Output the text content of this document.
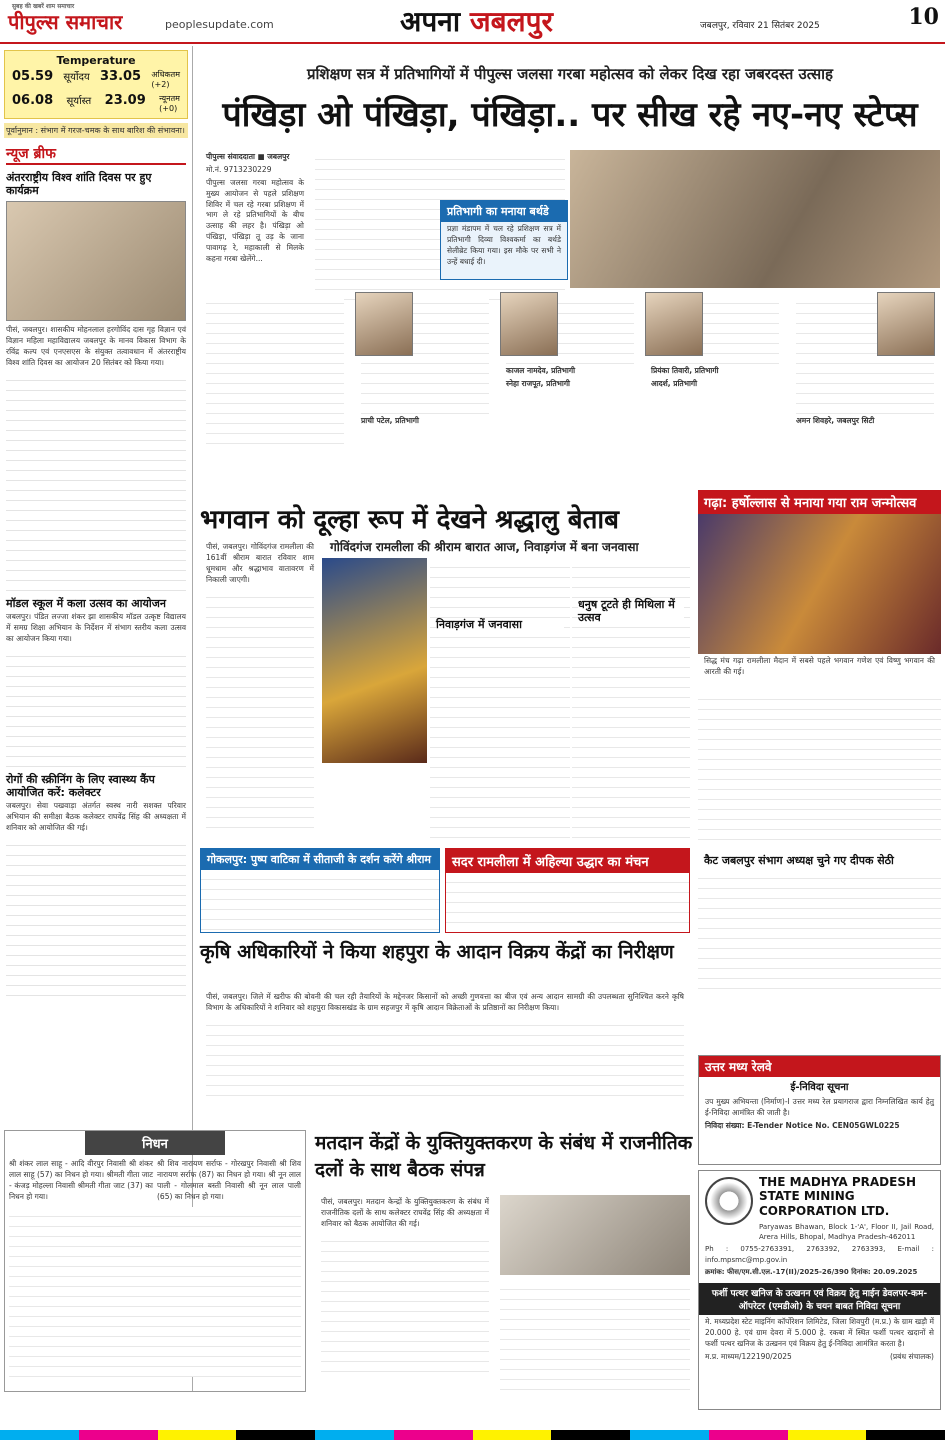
सुबह की खबरें शाम समाचार
पीपुल्स समाचार	peoplesupdate.com	अपना जबलपुर	जबलपुर, रविवार 21 सितंबर 2025	10
Temperature
05.59 सूर्योदय 33.05 अधिकतम
(+2)
06.08 सूर्यास्त 23.09 न्यूनतम
(+0)
पूर्वानुमान : संभाग में गरज-चमक के साथ बारिश की संभावना।
न्यूज ब्रीफ
अंतरराष्ट्रीय विश्व शांति दिवस पर हुए कार्यक्रम
पीसं, जबलपुर। शासकीय मोहनलाल हरगोविंद दास गृह विज्ञान एवं विज्ञान महिला महाविद्यालय जबलपुर के मानव विकास विभाग के रविंद्र कल्प एवं एनएसएस के संयुक्त तत्वावधान में अंतरराष्ट्रीय विश्व शांति दिवस का आयोजन 20 सितंबर को किया गया।
मॉडल स्कूल में कला उत्सव का आयोजन
जबलपुर। पंडित लज्जा शंकर झा शासकीय मॉडल उत्कृष्ट विद्यालय में समग्र शिक्षा अभियान के निर्देशन में संभाग स्तरीय कला उत्सव का आयोजन किया गया।
रोगों की स्क्रीनिंग के लिए स्वास्थ्य कैंप आयोजित करें: कलेक्टर
जबलपुर। सेवा पखवाड़ा अंतर्गत स्वस्थ नारी सशक्त परिवार अभियान की समीक्षा बैठक कलेक्टर राघवेंद्र सिंह की अध्यक्षता में शनिवार को आयोजित की गई।
प्रशिक्षण सत्र में प्रतिभागियों में पीपुल्स जलसा गरबा महोत्सव को लेकर दिख रहा जबरदस्त उत्साह
पंखिड़ा ओ पंखिड़ा, पंखिड़ा.. पर सीख रहे नए-नए स्टेप्स
पीपुल्स संवाददाता ■ जबलपुर
मो.नं. 9713230229
पीपुल्स जलसा गरबा महोत्सव के मुख्य आयोजन से पहले प्रशिक्षण शिविर में चल रहे गरबा प्रशिक्षण में भाग ले रहे प्रतिभागियों के बीच उत्साह की लहर है। पंखिड़ा ओ पंखिड़ा, पंखिड़ा तू उड़ के जाना पावागढ़ रे, महाकाली से मिलके कहना गरबा खेलेंगे...
प्रतिभागी का मनाया बर्थडे
प्रज्ञा मंडापम में चल रहे प्रशिक्षण सत्र में प्रतिभागी दिव्या विश्वकर्मा का बर्थडे सेलीब्रेट किया गया। इस मौके पर सभी ने उन्हें बधाई दी।
प्राची पटेल, प्रतिभागी
काजल नामदेव, प्रतिभागी
स्नेहा राजपूत, प्रतिभागी
प्रियंका तिवारी, प्रतिभागी
आदर्श, प्रतिभागी
अमन शिवहरे, जबलपुर सिटी
भगवान को दूल्हा रूप में देखने श्रद्धालु बेताब
गोविंदगंज रामलीला की श्रीराम बारात आज, निवाड़गंज में बना जनवासा
पीसं, जबलपुर। गोविंदगंज रामलीला की 161वीं श्रीराम बारात रविवार शाम धूमधाम और श्रद्धाभाव वातावरण में निकाली जाएगी।
निवाड़गंज में जनवासा
धनुष टूटते ही मिथिला में उत्सव
गढ़ा: हर्षोल्लास से मनाया गया राम जन्मोत्सव
सिद्ध मंच गढ़ा रामलीला मैदान में सबसे पहले भगवान गणेश एवं विष्णु भगवान की आरती की गई।
गोकलपुर: पुष्प वाटिका में सीताजी के दर्शन करेंगे श्रीराम	सदर रामलीला में अहिल्या उद्धार का मंचन	कैट जबलपुर संभाग अध्यक्ष चुने गए दीपक सेठी
कृषि अधिकारियों ने किया शहपुरा के आदान विक्रय केंद्रों का निरीक्षण
पीसं, जबलपुर। जिले में खरीफ की बोवनी की चल रही तैयारियों के मद्देनजर किसानों को अच्छी गुणवत्ता का बीज एवं अन्य आदान सामग्री की उपलब्धता सुनिश्चित करने कृषि विभाग के अधिकारियों ने शनिवार को शहपुरा विकासखंड के ग्राम सहजपुर में कृषि आदान विक्रेताओं के प्रतिष्ठानों का निरीक्षण किया।
निधन
श्री शंकर लाल साहू - आदि वीरपुर निवासी श्री शंकर लाल साहू (57) का निधन हो गया। श्रीमती गीता जाट - कंजड़ मोहल्ला निवासी श्रीमती गीता जाट (37) का निधन हो गया।
श्री शिव नारायण सर्राफ - गोरखपुर निवासी श्री शिव नारायण सर्राफ (87) का निधन हो गया। श्री नून लाल पाली - गोलमाल बस्ती निवासी श्री नून लाल पाली (65) का निधन हो गया।
मतदान केंद्रों के युक्तियुक्तकरण के संबंध में राजनीतिक दलों के साथ बैठक संपन्न
पीसं, जबलपुर। मतदान केन्द्रों के युक्तियुक्तकरण के संबंध में राजनीतिक दलों के साथ कलेक्टर राघवेंद्र सिंह की अध्यक्षता में शनिवार को बैठक आयोजित की गई।
उत्तर मध्य रेलवे
ई-निविदा सूचना
उप मुख्य अभियन्ता (निर्माण)-I उत्तर मध्य रेल प्रयागराज द्वारा निम्नलिखित कार्य हेतु ई-निविदा आमंत्रित की जाती है।
निविदा संख्या: E-Tender Notice No. CEN05GWL0225
THE MADHYA PRADESH STATE MINING CORPORATION LTD.
Paryawas Bhawan, Block 1-'A', Floor II, Jail Road, Arera Hills, Bhopal, Madhya Pradesh-462011
Ph : 0755-2763391, 2763392, 2763393, E-mail : info.mpsmc@mp.gov.in
क्रमांक: फीस/एम.सी.एल.-17(II)/2025-26/390 दिनांक: 20.09.2025
फर्शी पत्थर खनिज के उत्खनन एवं विक्रय हेतु माईन डेवलपर-कम-ऑपरेटर (एमडीओ) के चयन बाबत निविदा सूचना
मे. मध्यप्रदेश स्टेट माइनिंग कॉर्पोरेशन लिमिटेड, जिला शिवपुरी (म.प्र.) के ग्राम खड़ौ में 20.000 हे. एवं ग्राम देवरा में 5.000 हे. रकबा में स्थित फर्शी पत्थर खदानों से फर्शी पत्थर खनिज के उत्खनन एवं विक्रय हेतु ई-निविदा आमंत्रित करता है।
म.प्र. माध्यम/122190/2025	(प्रबंध संचालक)
